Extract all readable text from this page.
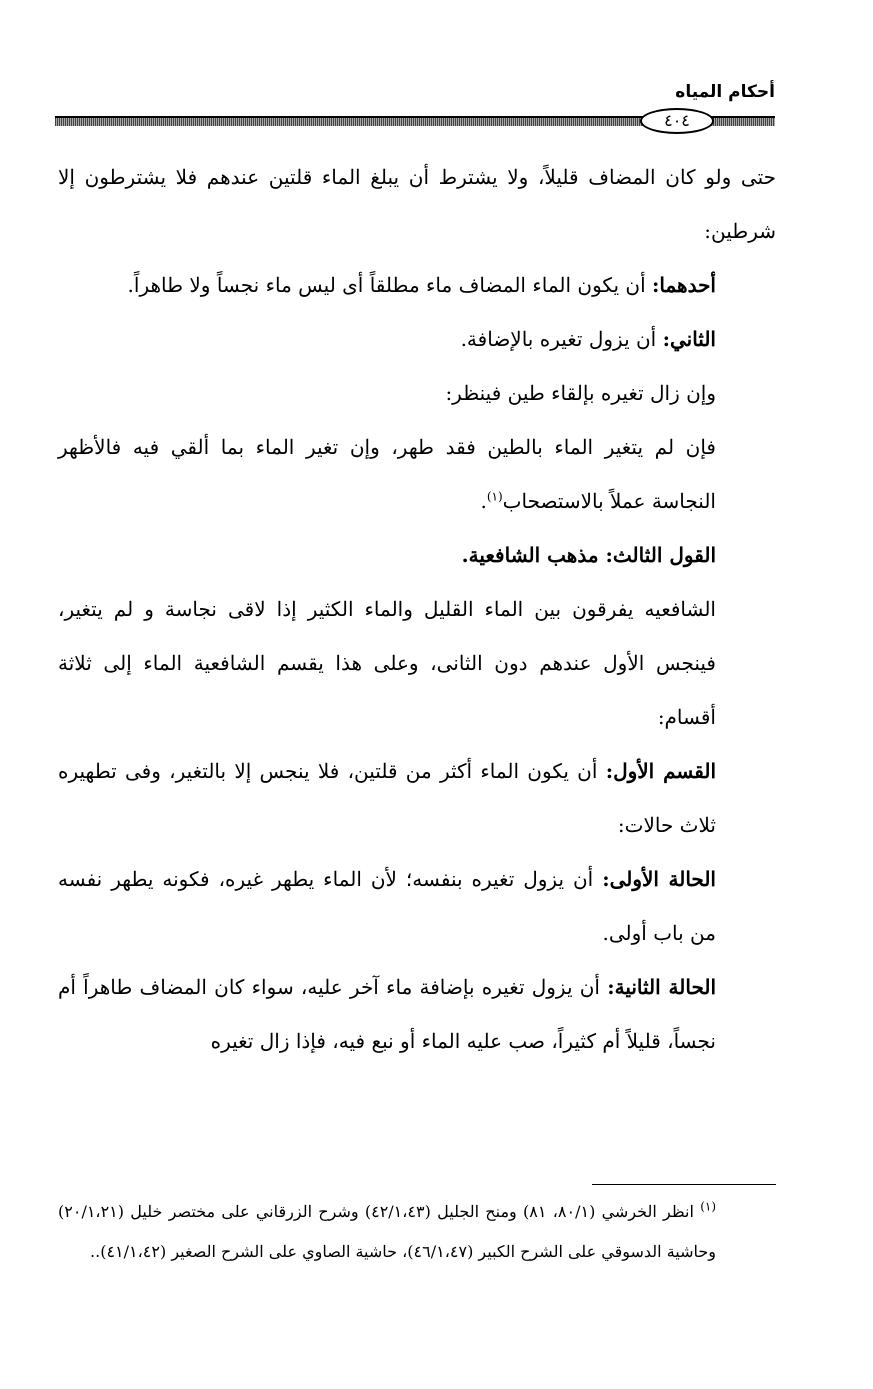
أحكام المياه
٤٠٤

حتى ولو كان المضاف قليلاً، ولا يشترط أن يبلغ الماء قلتين عندهم فلا يشترطون إلا شرطين:

أحدهما: أن يكون الماء المضاف ماء مطلقاً أى ليس ماء نجساً ولا طاهراً.

الثاني: أن يزول تغيره بالإضافة.

وإن زال تغيره بإلقاء طين فينظر:

فإن لم يتغير الماء بالطين فقد طهر، وإن تغير الماء بما ألقي فيه فالأظهر النجاسة عملاً بالاستصحاب$^{(١)}$.

القول الثالث: مذهب الشافعية.

الشافعيه يفرقون بين الماء القليل والماء الكثير إذا لاقى نجاسة و لم يتغير، فينجس الأول عندهم دون الثانى، وعلى هذا يقسم الشافعية الماء إلى ثلاثة أقسام:

القسم الأول: أن يكون الماء أكثر من قلتين، فلا ينجس إلا بالتغير، وفى تطهيره ثلاث حالات:

الحالة الأولى: أن يزول تغيره بنفسه؛ لأن الماء يطهر غيره، فكونه يطهر نفسه من باب أولى.

الحالة الثانية: أن يزول تغيره بإضافة ماء آخر عليه، سواء كان المضاف طاهراً أم نجساً، قليلاً أم كثيراً، صب عليه الماء أو نبع فيه، فإذا زال تغيره

$^{(١)}$ انظر الخرشي (٨٠/١، ٨١) ومنح الجليل (٤٢/١،٤٣) وشرح الزرقاني على مختصر خليل (٢٠/١،٢١) وحاشية الدسوقي على الشرح الكبير (٤٦/١،٤٧)، حاشية الصاوي على الشرح الصغير (٤١/١،٤٢)..
